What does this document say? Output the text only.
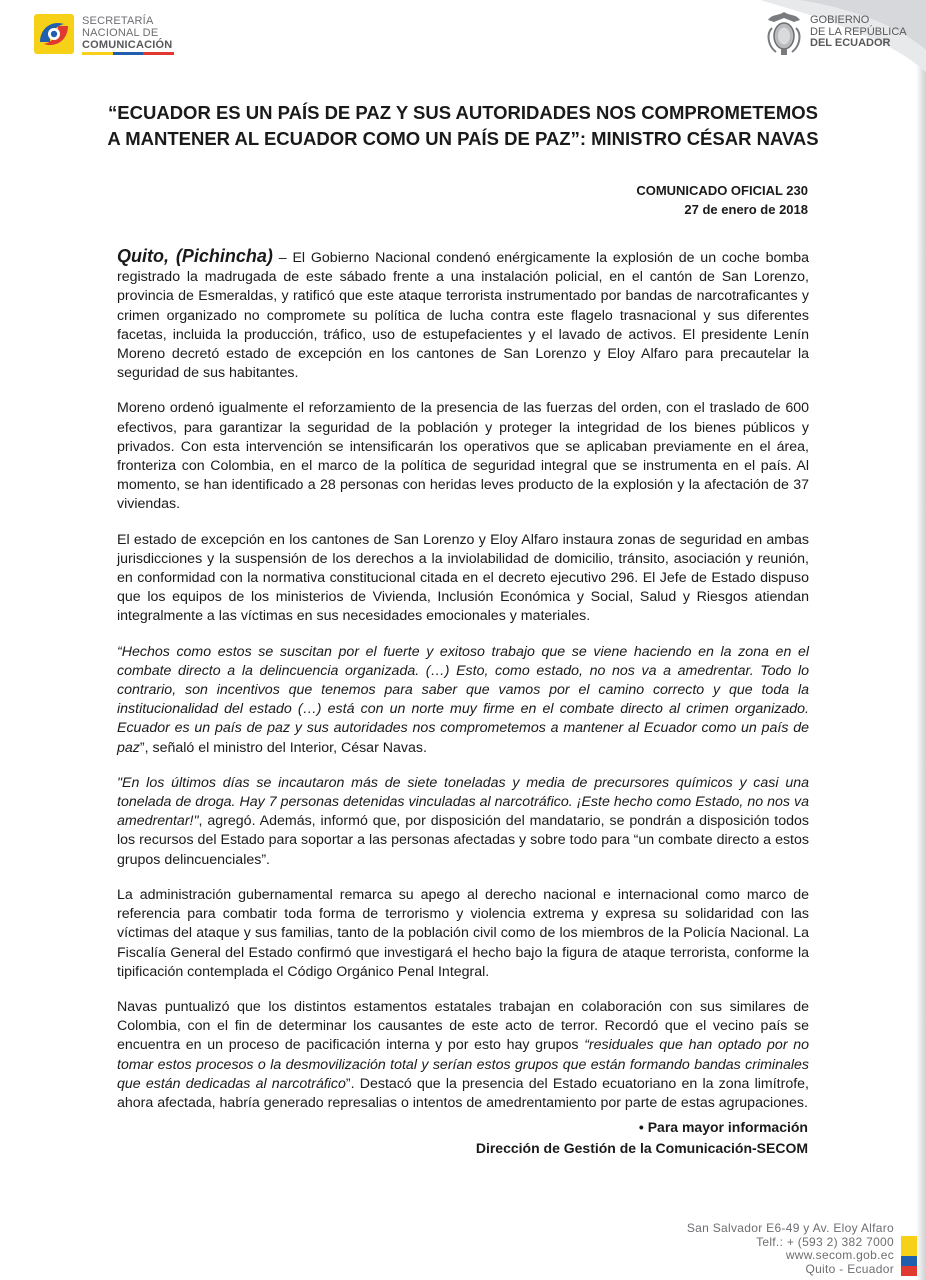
SECRETARÍA
NACIONAL DE
COMUNICACIÓN
GOBIERNO
DE LA REPÚBLICA
DEL ECUADOR
“ECUADOR ES UN PAÍS DE PAZ Y SUS AUTORIDADES NOS COMPROMETEMOS
A MANTENER AL ECUADOR COMO UN PAÍS DE PAZ”: MINISTRO CÉSAR NAVAS
COMUNICADO OFICIAL 230
27 de enero de 2018

Quito, (Pichincha) – El Gobierno Nacional condenó enérgicamente la explosión de un coche bomba registrado la madrugada de este sábado frente a una instalación policial, en el cantón de San Lorenzo, provincia de Esmeraldas, y ratificó que este ataque terrorista instrumentado por bandas de narcotraficantes y crimen organizado no compromete su política de lucha contra este flagelo trasnacional y sus diferentes facetas, incluida la producción, tráfico, uso de estupefacientes y el lavado de activos. El presidente Lenín Moreno decretó estado de excepción en los cantones de San Lorenzo y Eloy Alfaro para precautelar la seguridad de sus habitantes.

Moreno ordenó igualmente el reforzamiento de la presencia de las fuerzas del orden, con el traslado de 600 efectivos, para garantizar la seguridad de la población y proteger la integridad de los bienes públicos y privados. Con esta intervención se intensificarán los operativos que se aplicaban previamente en el área, fronteriza con Colombia, en el marco de la política de seguridad integral que se instrumenta en el país. Al momento, se han identificado a 28 personas con heridas leves producto de la explosión y la afectación de 37 viviendas.

El estado de excepción en los cantones de San Lorenzo y Eloy Alfaro instaura zonas de seguridad en ambas jurisdicciones y la suspensión de los derechos a la inviolabilidad de domicilio, tránsito, asociación y reunión, en conformidad con la normativa constitucional citada en el decreto ejecutivo 296. El Jefe de Estado dispuso que los equipos de los ministerios de Vivienda, Inclusión Económica y Social, Salud y Riesgos atiendan integralmente a las víctimas en sus necesidades emocionales y materiales.

“Hechos como estos se suscitan por el fuerte y exitoso trabajo que se viene haciendo en la zona en el combate directo a la delincuencia organizada. (…) Esto, como estado, no nos va a amedrentar. Todo lo contrario, son incentivos que tenemos para saber que vamos por el camino correcto y que toda la institucionalidad del estado (…) está con un norte muy firme en el combate directo al crimen organizado. Ecuador es un país de paz y sus autoridades nos comprometemos a mantener al Ecuador como un país de paz”, señaló el ministro del Interior, César Navas.

"En los últimos días se incautaron más de siete toneladas y media de precursores químicos y casi una tonelada de droga. Hay 7 personas detenidas vinculadas al narcotráfico. ¡Este hecho como Estado, no nos va amedrentar!", agregó. Además, informó que, por disposición del mandatario, se pondrán a disposición todos los recursos del Estado para soportar a las personas afectadas y sobre todo para “un combate directo a estos grupos delincuenciales”.

La administración gubernamental remarca su apego al derecho nacional e internacional como marco de referencia para combatir toda forma de terrorismo y violencia extrema y expresa su solidaridad con las víctimas del ataque y sus familias, tanto de la población civil como de los miembros de la Policía Nacional. La Fiscalía General del Estado confirmó que investigará el hecho bajo la figura de ataque terrorista, conforme la tipificación contemplada el Código Orgánico Penal Integral.

Navas puntualizó que los distintos estamentos estatales trabajan en colaboración con sus similares de Colombia, con el fin de determinar los causantes de este acto de terror. Recordó que el vecino país se encuentra en un proceso de pacificación interna y por esto hay grupos “residuales que han optado por no tomar estos procesos o la desmovilización total y serían estos grupos que están formando bandas criminales que están dedicadas al narcotráfico”. Destacó que la presencia del Estado ecuatoriano en la zona limítrofe, ahora afectada, habría generado represalias o intentos de amedrentamiento por parte de estas agrupaciones.

• Para mayor información
Dirección de Gestión de la Comunicación-SECOM
San Salvador E6-49 y Av. Eloy Alfaro
Telf.: + (593 2) 382 7000
www.secom.gob.ec
Quito - Ecuador
